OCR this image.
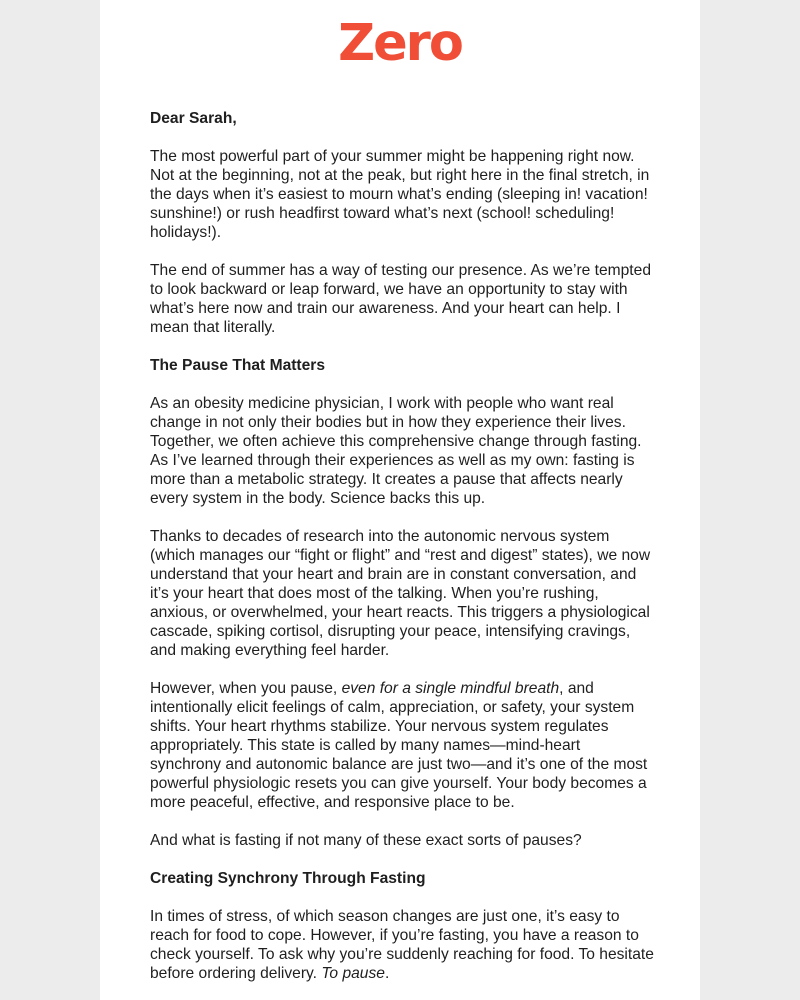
Zero

Dear Sarah,

The most powerful part of your summer might be happening right now. Not at the beginning, not at the peak, but right here in the final stretch, in the days when it’s easiest to mourn what’s ending (sleeping in! vacation! sunshine!) or rush headfirst toward what’s next (school! scheduling! holidays!).

The end of summer has a way of testing our presence. As we’re tempted to look backward or leap forward, we have an opportunity to stay with what’s here now and train our awareness. And your heart can help. I mean that literally.

The Pause That Matters

As an obesity medicine physician, I work with people who want real change in not only their bodies but in how they experience their lives. Together, we often achieve this comprehensive change through fasting. As I’ve learned through their experiences as well as my own: fasting is more than a metabolic strategy. It creates a pause that affects nearly every system in the body. Science backs this up.

Thanks to decades of research into the autonomic nervous system (which manages our “fight or flight” and “rest and digest” states), we now understand that your heart and brain are in constant conversation, and it’s your heart that does most of the talking. When you’re rushing, anxious, or overwhelmed, your heart reacts. This triggers a physiological cascade, spiking cortisol, disrupting your peace, intensifying cravings, and making everything feel harder.

However, when you pause, even for a single mindful breath, and intentionally elicit feelings of calm, appreciation, or safety, your system shifts. Your heart rhythms stabilize. Your nervous system regulates appropriately. This state is called by many names—mind-heart synchrony and autonomic balance are just two—and it’s one of the most powerful physiologic resets you can give yourself. Your body becomes a more peaceful, effective, and responsive place to be.

And what is fasting if not many of these exact sorts of pauses?

Creating Synchrony Through Fasting

In times of stress, of which season changes are just one, it’s easy to reach for food to cope. However, if you’re fasting, you have a reason to check yourself. To ask why you’re suddenly reaching for food. To hesitate before ordering delivery. To pause.
